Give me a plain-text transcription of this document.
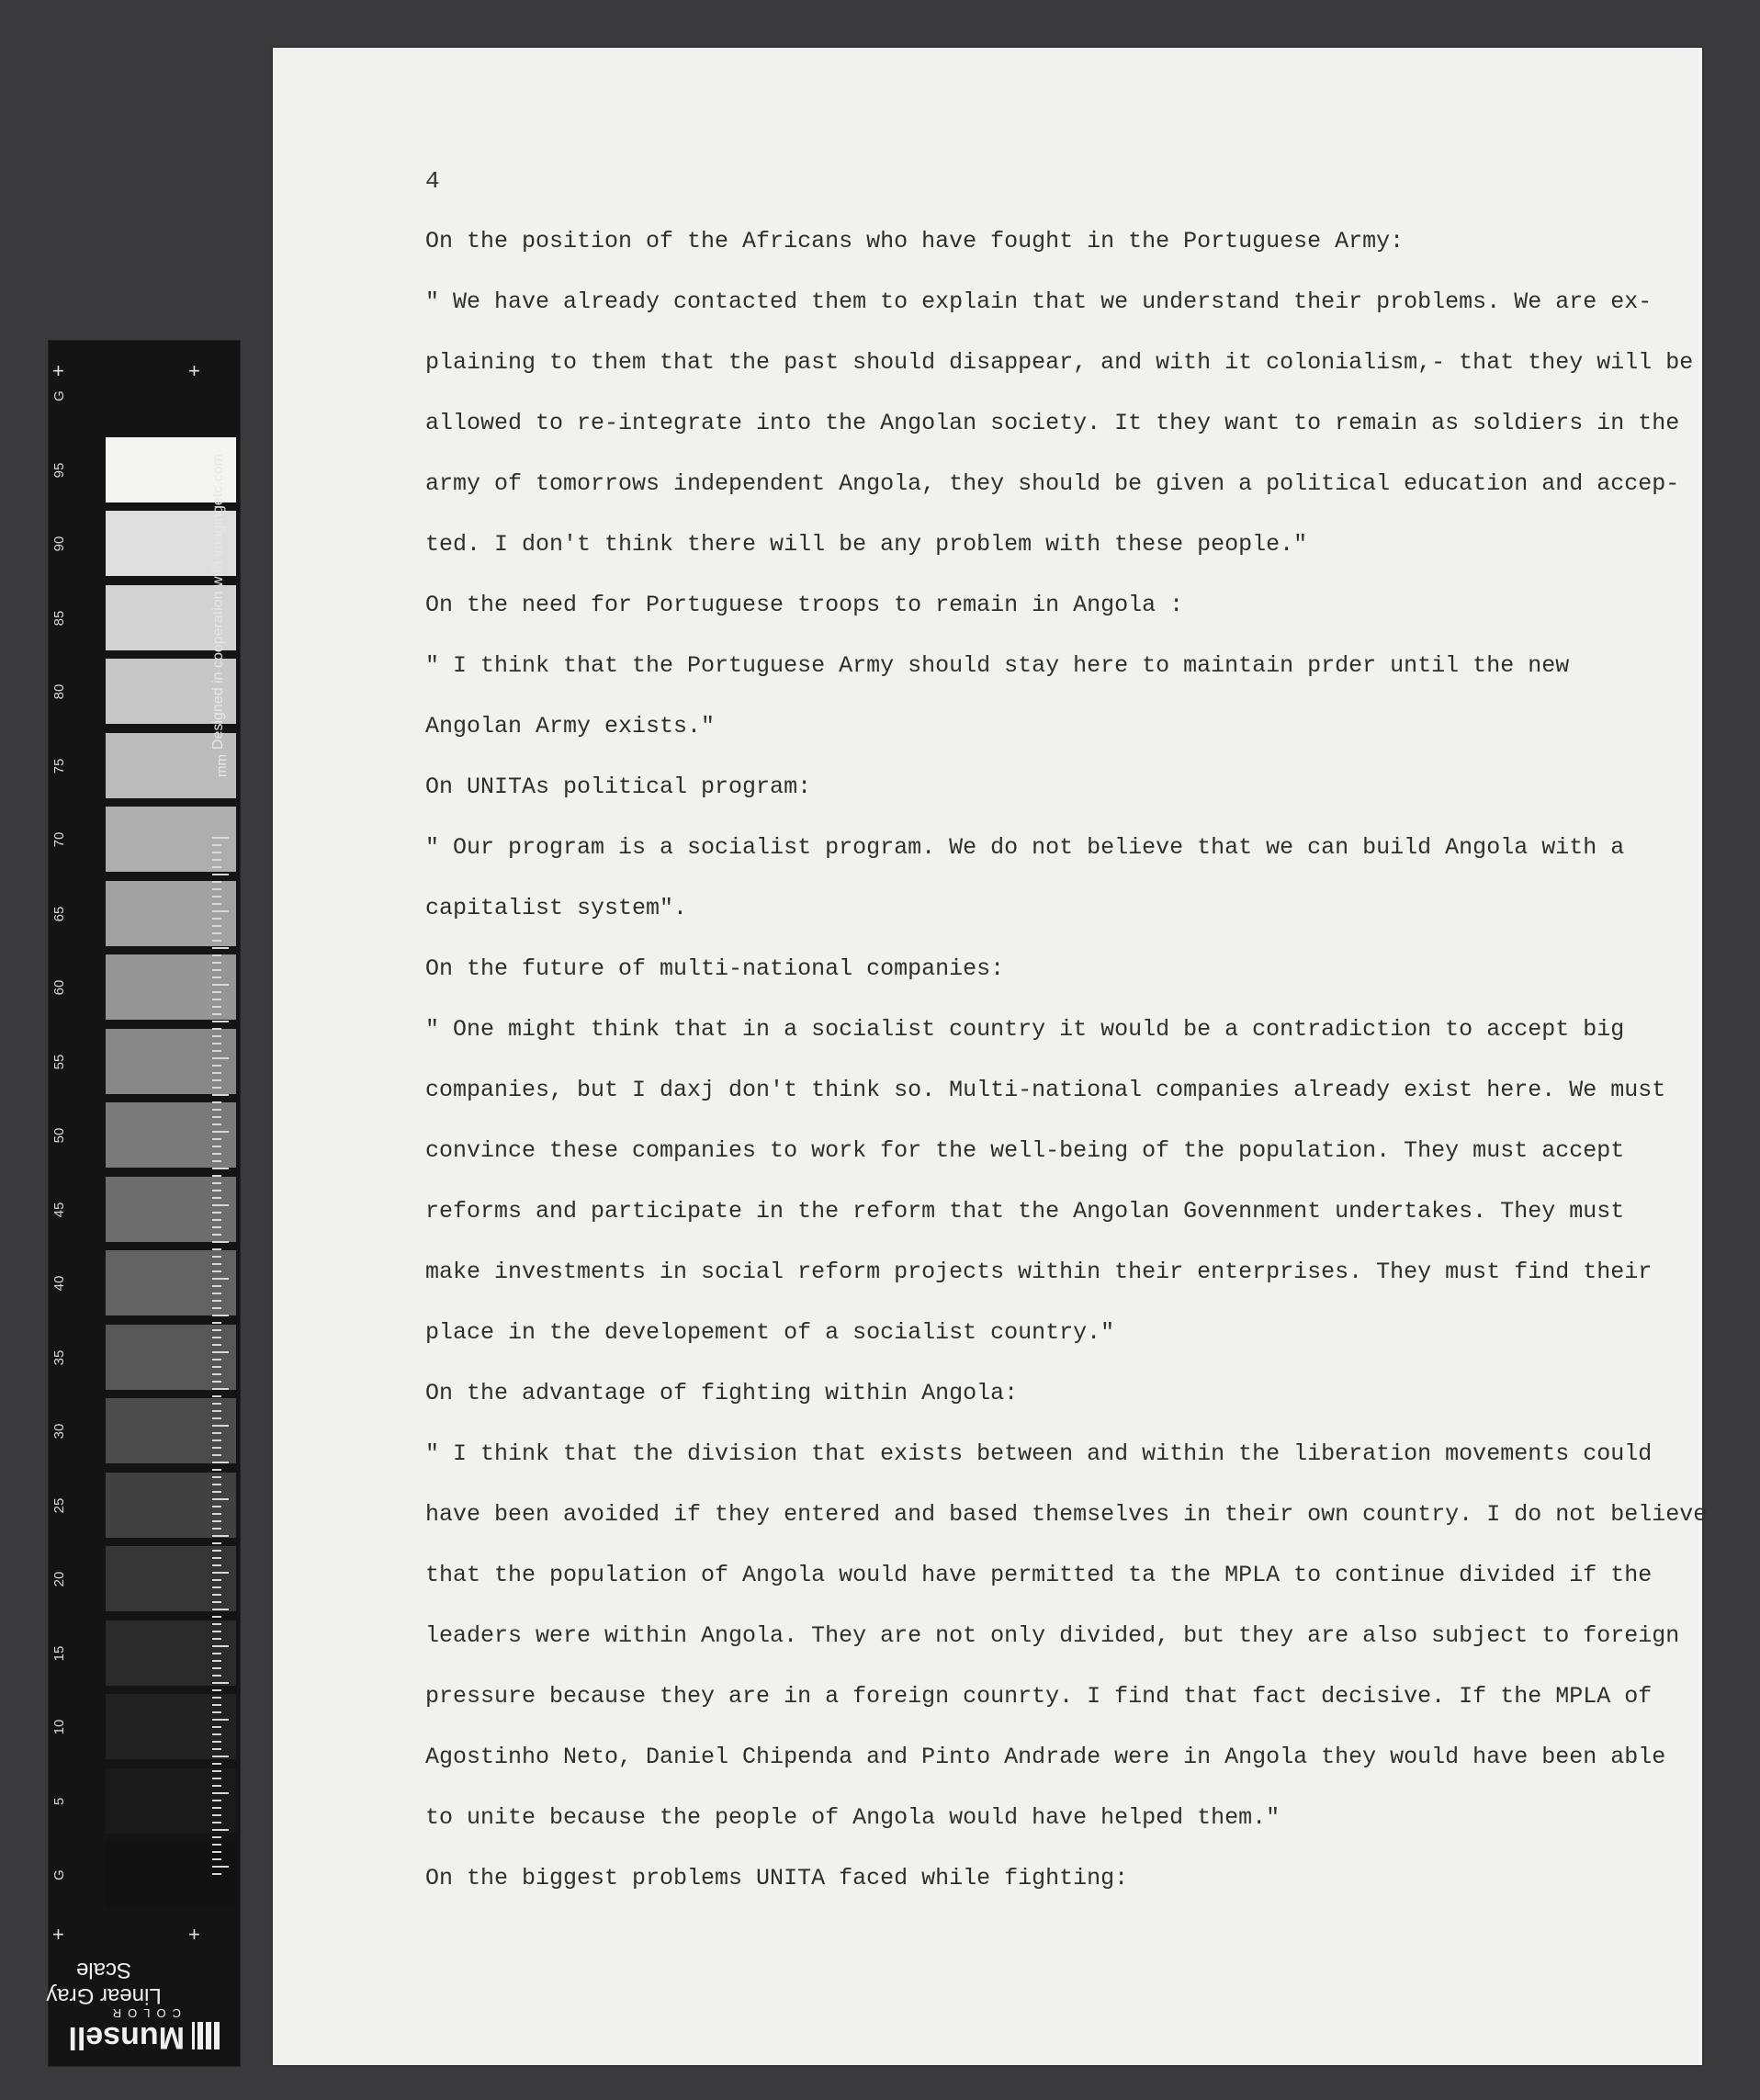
+	+
+	+
mm
Designed in cooperation with imagingetc.com
Munsell
COLOR
G
95
90
85
80
75
70
65
60
55
50
45
40
35
30
25
20
15
10
5
G
Linear Gray Scale
4

On the position of the Africans who have fought in the Portuguese Army:

" We have already contacted them to explain that we understand their problems. We are ex-

plaining to them that the past should disappear, and with it colonialism,- that they will be

allowed to re-integrate into the Angolan society. It they want to remain as soldiers in the

army of tomorrows independent Angola, they should be given a political education and accep-

ted. I don't think there will be any problem with these people."

On the need for Portuguese troops to remain in Angola :

" I think that the Portuguese Army should stay here to maintain prder until the new

Angolan Army exists."

On UNITAs political program:

" Our program is a socialist program. We do not believe that we can build Angola with a

capitalist system".

On the future of multi-national companies:

" One might think that in a socialist country it would be a contradiction to accept big

companies, but I daxj don't think so. Multi-national companies already exist here. We must

convince these companies to work for the well-being of the population. They must accept

reforms and participate in the reform that the Angolan Govennment undertakes. They must

make investments in social reform projects within their enterprises. They must find their

place in the developement of a socialist country."

On the advantage of fighting within Angola:

" I think that the division that exists between and within the liberation movements could

have been avoided if they entered and based themselves in their own country. I do not believe

that the population of Angola would have permitted ta the MPLA to continue divided if the

leaders were within Angola. They are not only divided, but they are also subject to foreign

pressure because they are in a foreign counrty. I find that fact decisive. If the MPLA of

Agostinho Neto, Daniel Chipenda and Pinto Andrade were in Angola they would have been able

to unite because the people of Angola would have helped them."

On the biggest problems UNITA faced while fighting:
